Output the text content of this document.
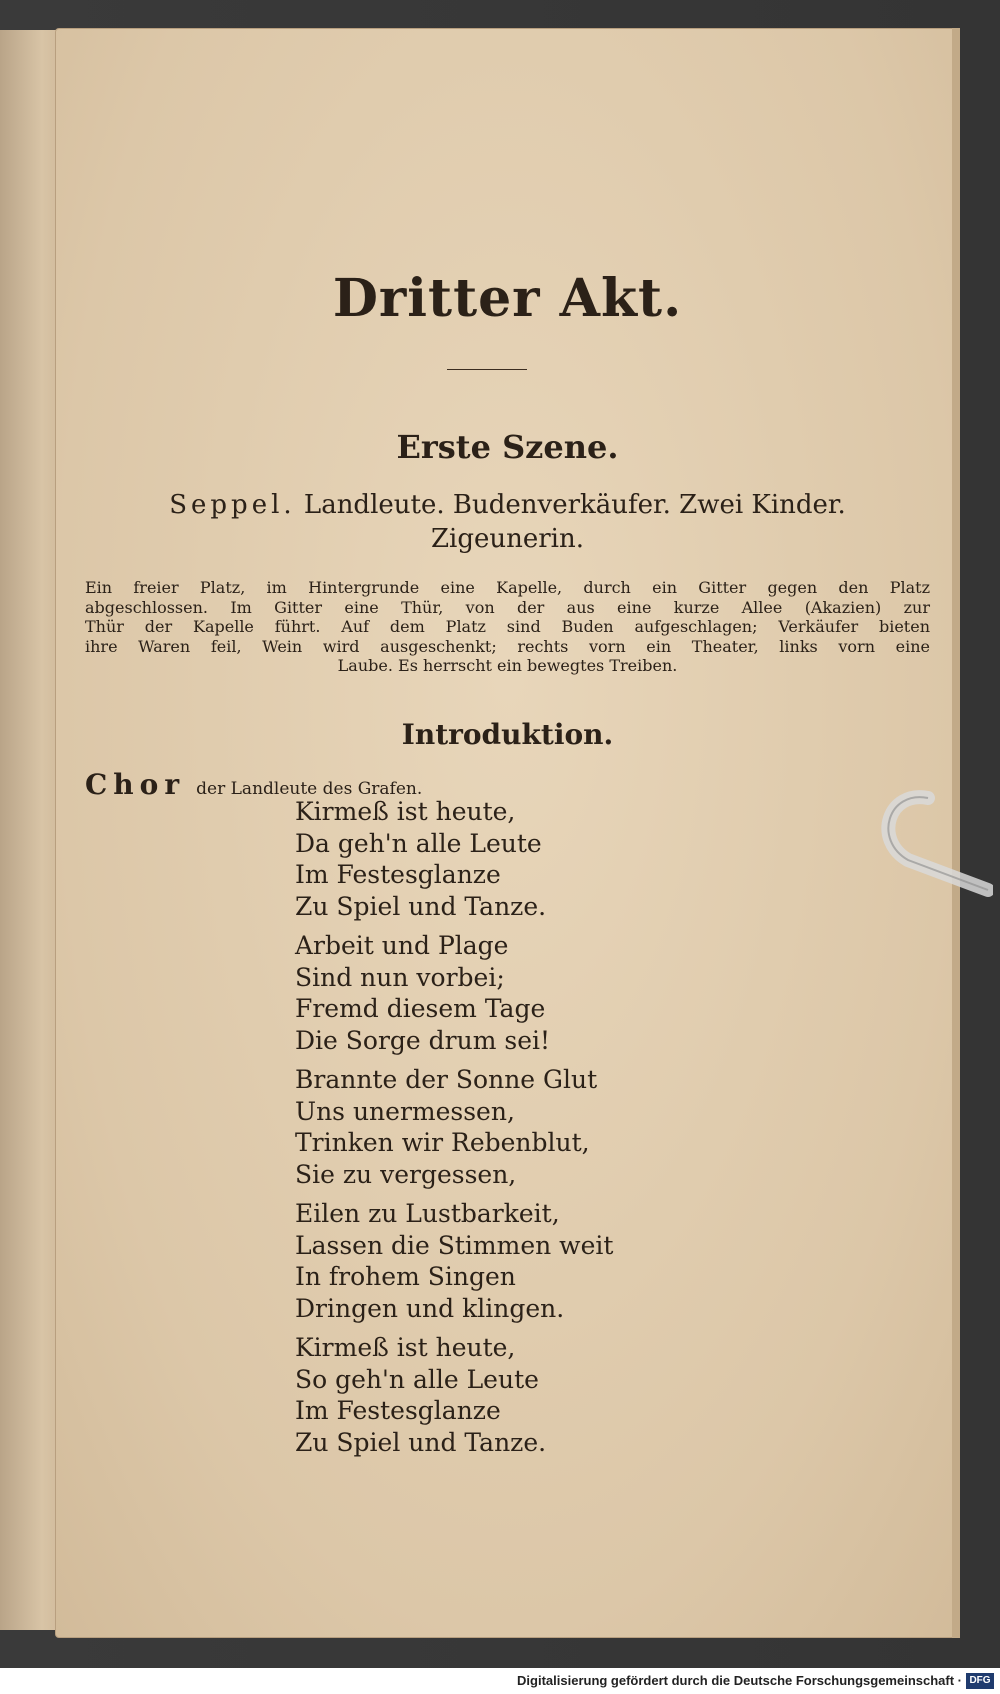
Dritter Akt.
Erste Szene.
Seppel. Landleute. Budenverkäufer. Zwei Kinder.
Zigeunerin.
Ein freier Platz, im Hintergrunde eine Kapelle, durch ein Gitter gegen den Platz
abgeschlossen. Im Gitter eine Thür, von der aus eine kurze Allee (Akazien) zur
Thür der Kapelle führt. Auf dem Platz sind Buden aufgeschlagen; Verkäufer bieten
ihre Waren feil, Wein wird ausgeschenkt; rechts vorn ein Theater, links vorn eine
Laube. Es herrscht ein bewegtes Treiben.
Introduktion.
Chor der Landleute des Grafen.
Kirmeß ist heute,
Da geh'n alle Leute
Im Festesglanze
Zu Spiel und Tanze.
Arbeit und Plage
Sind nun vorbei;
Fremd diesem Tage
Die Sorge drum sei!
Brannte der Sonne Glut
Uns unermessen,
Trinken wir Rebenblut,
Sie zu vergessen,
Eilen zu Lustbarkeit,
Lassen die Stimmen weit
In frohem Singen
Dringen und klingen.
Kirmeß ist heute,
So geh'n alle Leute
Im Festesglanze
Zu Spiel und Tanze.
Digitalisierung gefördert durch die Deutsche Forschungsgemeinschaft · DFG
